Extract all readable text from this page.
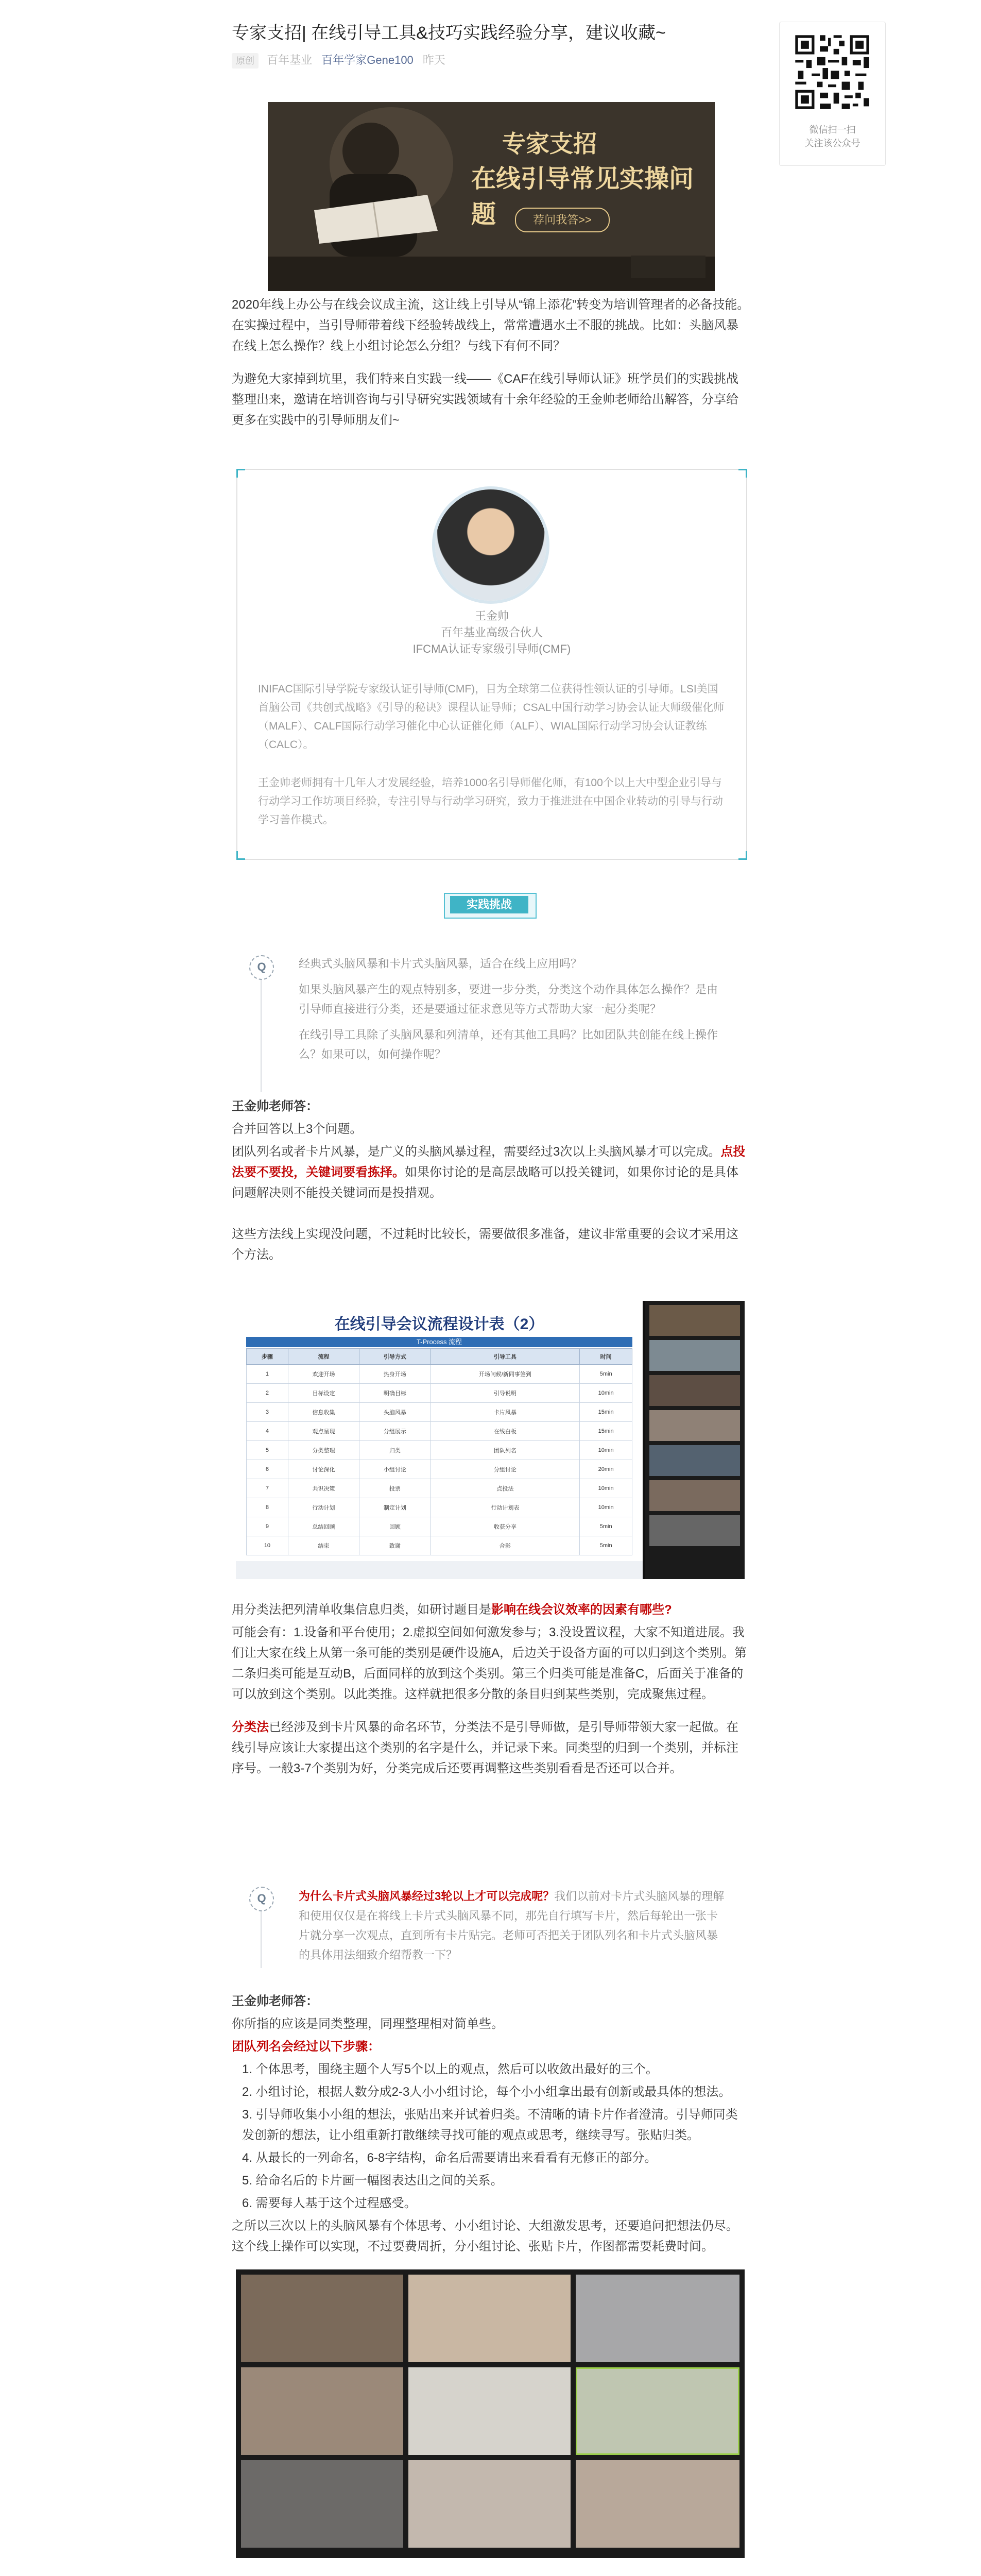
专家支招| 在线引导工具&技巧实践经验分享，建议收藏~
原创 百年基业 百年学家Gene100 昨天
微信扫一扫
关注该公众号
专家支招
在线引导常见实操问题	荐问我答>>

2020年线上办公与在线会议成主流，这让线上引导从“锦上添花”转变为培训管理者的必备技能。在实操过程中，当引导师带着线下经验转战线上，常常遭遇水土不服的挑战。比如：头脑风暴在线上怎么操作？线上小组讨论怎么分组？与线下有何不同？

为避免大家掉到坑里，我们特来自实践一线——《CAF在线引导师认证》班学员们的实践挑战整理出来，邀请在培训咨询与引导研究实践领域有十余年经验的王金帅老师给出解答，分享给更多在实践中的引导师朋友们~

王金帅
百年基业高级合伙人
IFCMA认证专家级引导师(CMF)

INIFAC国际引导学院专家级认证引导师(CMF)，目为全球第二位获得性领认证的引导师。LSI美国首脑公司《共创式战略》《引导的秘诀》课程认证导师；CSAL中国行动学习协会认证大师级催化师（MALF）、CALF国际行动学习催化中心认证催化师（ALF）、WIAL国际行动学习协会认证教练（CALC）。

王金帅老师拥有十几年人才发展经验，培养1000名引导师催化师，有100个以上大中型企业引导与行动学习工作坊项目经验，专注引导与行动学习研究，致力于推进进在中国企业转动的引导与行动学习善作模式。

实践挑战
Q	经典式头脑风暴和卡片式头脑风暴，适合在线上应用吗？

如果头脑风暴产生的观点特别多，要进一步分类，分类这个动作具体怎么操作？是由引导师直接进行分类，还是要通过征求意见等方式帮助大家一起分类呢？

在线引导工具除了头脑风暴和列清单，还有其他工具吗？比如团队共创能在线上操作么？如果可以，如何操作呢？

王金帅老师答：

合并回答以上3个问题。

团队列名或者卡片风暴，是广义的头脑风暴过程，需要经过3次以上头脑风暴才可以完成。点投法要不要投，关键词要看拣择。如果你讨论的是高层战略可以投关键词，如果你讨论的是具体问题解决则不能投关键词而是投措观。

这些方法线上实现没问题，不过耗时比较长，需要做很多准备，建议非常重要的会议才采用这个方法。

在线引导会议流程设计表（2）
T-Process 流程
步骤	流程	引导方式	引导工具	时间
1	欢迎开场	热身开场	开场问候/新同事签到	5min
2	目标设定	明确目标	引导说明	10min
3	信息收集	头脑风暴	卡片风暴	15min
4	观点呈现	分组展示	在线白板	15min
5	分类整理	归类	团队列名	10min
6	讨论深化	小组讨论	分组讨论	20min
7	共识决策	投票	点投法	10min
8	行动计划	制定计划	行动计划表	10min
9	总结回顾	回顾	收获分享	5min
10	结束	致谢	合影	5min

用分类法把列清单收集信息归类，如研讨题目是影响在线会议效率的因素有哪些?

可能会有：1.设备和平台使用；2.虚拟空间如何激发参与；3.没设置议程，大家不知道进展。我们让大家在线上从第一条可能的类别是硬件设施A，后边关于设备方面的可以归到这个类别。第二条归类可能是互动B，后面同样的放到这个类别。第三个归类可能是准备C，后面关于准备的可以放到这个类别。以此类推。这样就把很多分散的条目归到某些类别，完成聚焦过程。

分类法已经涉及到卡片风暴的命名环节，分类法不是引导师做，是引导师带领大家一起做。在线引导应该让大家提出这个类别的名字是什么，并记录下来。同类型的归到一个类别，并标注序号。一般3-7个类别为好，分类完成后还要再调整这些类别看看是否还可以合并。

Q	为什么卡片式头脑风暴经过3轮以上才可以完成呢？我们以前对卡片式头脑风暴的理解和使用仅仅是在将线上卡片式头脑风暴不同，那先自行填写卡片，然后每轮出一张卡片就分享一次观点，直到所有卡片贴完。老师可否把关于团队列名和卡片式头脑风暴的具体用法细致介绍帮教一下？

王金帅老师答：

你所指的应该是同类整理，同理整理相对简单些。

团队列名会经过以下步骤：

1. 个体思考，围绕主题个人写5个以上的观点，然后可以收敛出最好的三个。

2. 小组讨论，根据人数分成2-3人小小组讨论，每个小小组拿出最有创新或最具体的想法。

3. 引导师收集小小组的想法，张贴出来并试着归类。不清晰的请卡片作者澄清。引导师同类发创新的想法，让小组重新打散继续寻找可能的观点或思考，继续寻写。张贴归类。

4. 从最长的一列命名，6-8字结构，命名后需要请出来看看有无修正的部分。

5. 给命名后的卡片画一幅图表达出之间的关系。

6. 需要每人基于这个过程感受。

之所以三次以上的头脑风暴有个体思考、小小组讨论、大组激发思考，还要追问把想法仍尽。这个线上操作可以实现，不过要费周折，分小组讨论、张贴卡片，作图都需要耗费时间。
